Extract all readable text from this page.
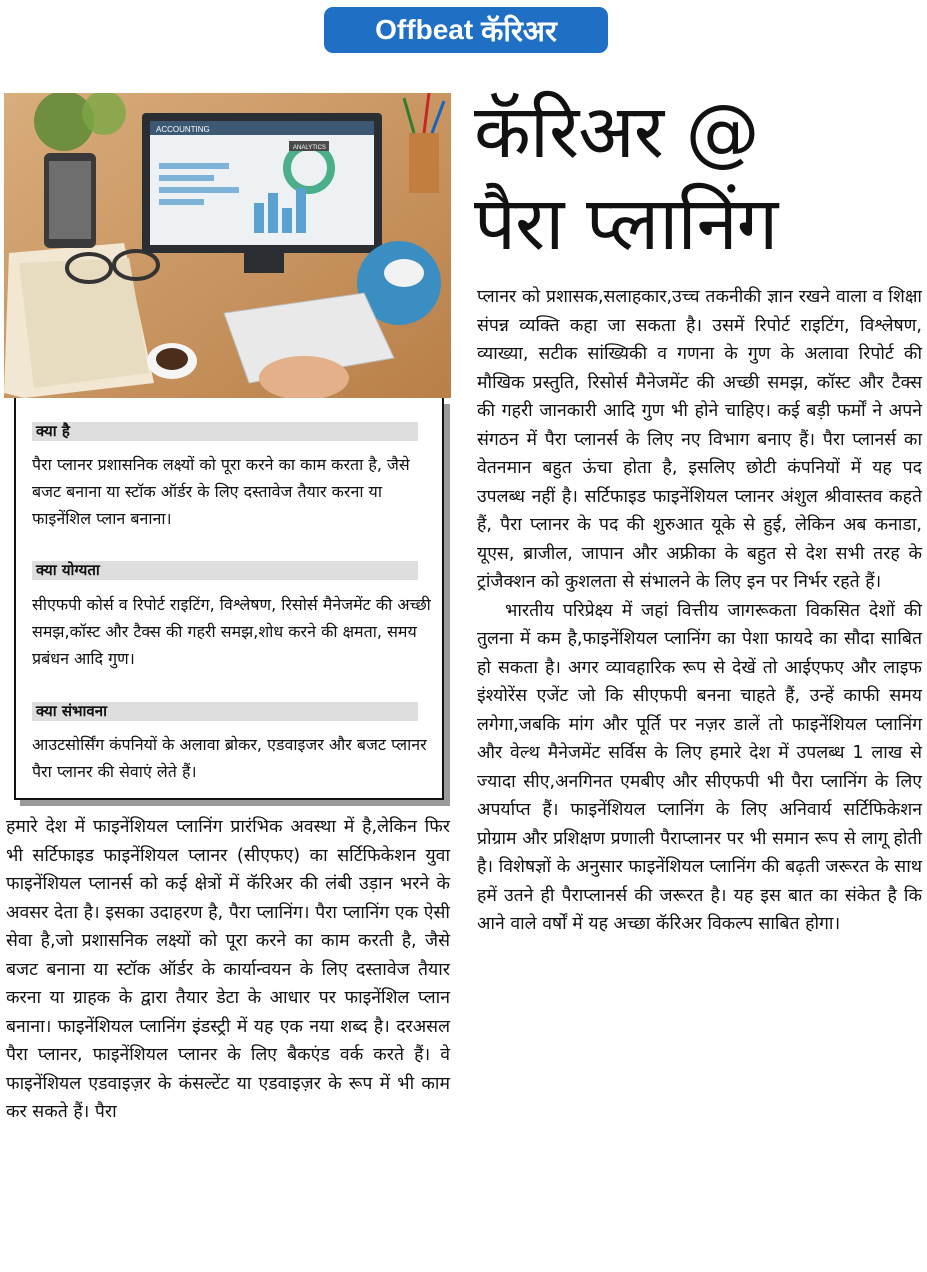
Offbeat कॅरिअर
ACCOUNTING
ANALYTICS कॅरिअर @
पैरा प्लानिंग
क्या है
पैरा प्लानर प्रशासनिक लक्ष्यों को पूरा करने का काम करता है, जैसे बजट बनाना या स्टॉक ऑर्डर के लिए दस्तावेज तैयार करना या फाइनेंशिल प्लान बनाना।
क्या योग्यता
सीएफपी कोर्स व रिपोर्ट राइटिंग, विश्लेषण, रिसोर्स मैनेजमेंट की अच्छी समझ,कॉस्ट और टैक्स की गहरी समझ,शोध करने की क्षमता, समय प्रबंधन आदि गुण।
क्या संभावना
आउटसोर्सिंग कंपनियों के अलावा ब्रोकर, एडवाइजर और बजट प्लानर पैरा प्लानर की सेवाएं लेते हैं।

हमारे देश में फाइनेंशियल प्लानिंग प्रारंभिक अवस्था में है,लेकिन फिर भी सर्टिफाइड फाइनेंशियल प्लानर (सीएफए) का सर्टिफिकेशन युवा फाइनेंशियल प्लानर्स को कई क्षेत्रों में कॅरिअर की लंबी उड़ान भरने के अवसर देता है। इसका उदाहरण है, पैरा प्लानिंग। पैरा प्लानिंग एक ऐसी सेवा है,जो प्रशासनिक लक्ष्यों को पूरा करने का काम करती है, जैसे बजट बनाना या स्टॉक ऑर्डर के कार्यान्वयन के लिए दस्तावेज तैयार करना या ग्राहक के द्वारा तैयार डेटा के आधार पर फाइनेंशिल प्लान बनाना। फाइनेंशियल प्लानिंग इंडस्ट्री में यह एक नया शब्द है। दरअसल पैरा प्लानर, फाइनेंशियल प्लानर के लिए बैकएंड वर्क करते हैं। वे फाइनेंशियल एडवाइज़र के कंसल्टेंट या एडवाइज़र के रूप में भी काम कर सकते हैं। पैरा

प्लानर को प्रशासक,सलाहकार,उच्च तकनीकी ज्ञान रखने वाला व शिक्षा संपन्न व्यक्ति कहा जा सकता है। उसमें रिपोर्ट राइटिंग, विश्लेषण, व्याख्या, सटीक सांख्यिकी व गणना के गुण के अलावा रिपोर्ट की मौखिक प्रस्तुति, रिसोर्स मैनेजमेंट की अच्छी समझ, कॉस्ट और टैक्स की गहरी जानकारी आदि गुण भी होने चाहिए। कई बड़ी फर्मों ने अपने संगठन में पैरा प्लानर्स के लिए नए विभाग बनाए हैं। पैरा प्लानर्स का वेतनमान बहुत ऊंचा होता है, इसलिए छोटी कंपनियों में यह पद उपलब्ध नहीं है। सर्टिफाइड फाइनेंशियल प्लानर अंशुल श्रीवास्तव कहते हैं, पैरा प्लानर के पद की शुरुआत यूके से हुई, लेकिन अब कनाडा, यूएस, ब्राजील, जापान और अफ्रीका के बहुत से देश सभी तरह के ट्रांजैक्शन को कुशलता से संभालने के लिए इन पर निर्भर रहते हैं।

भारतीय परिप्रेक्ष्य में जहां वित्तीय जागरूकता विकसित देशों की तुलना में कम है,फाइनेंशियल प्लानिंग का पेशा फायदे का सौदा साबित हो सकता है। अगर व्यावहारिक रूप से देखें तो आईएफए और लाइफ इंश्योरेंस एजेंट जो कि सीएफपी बनना चाहते हैं, उन्हें काफी समय लगेगा,जबकि मांग और पूर्ति पर नज़र डालें तो फाइनेंशियल प्लानिंग और वेल्थ मैनेजमेंट सर्विस के लिए हमारे देश में उपलब्ध 1 लाख से ज्यादा सीए,अनगिनत एमबीए और सीएफपी भी पैरा प्लानिंग के लिए अपर्याप्त हैं। फाइनेंशियल प्लानिंग के लिए अनिवार्य सर्टिफिकेशन प्रोग्राम और प्रशिक्षण प्रणाली पैराप्लानर पर भी समान रूप से लागू होती है। विशेषज्ञों के अनुसार फाइनेंशियल प्लानिंग की बढ़ती जरूरत के साथ हमें उतने ही पैराप्लानर्स की जरूरत है। यह इस बात का संकेत है कि आने वाले वर्षों में यह अच्छा कॅरिअर विकल्प साबित होगा।
